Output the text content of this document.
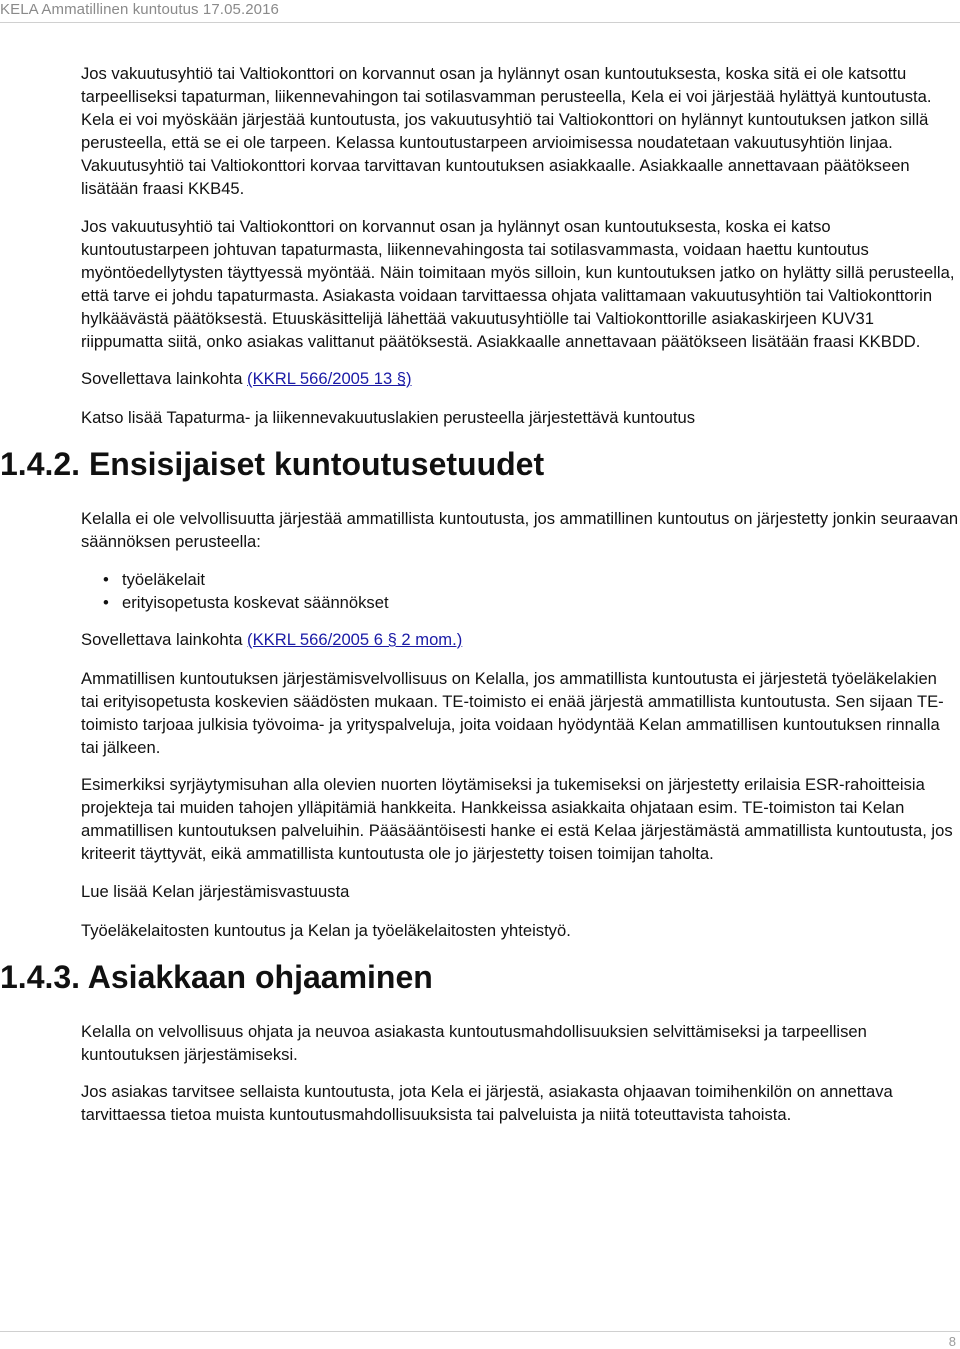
KELA Ammatillinen kuntoutus 17.05.2016

Jos vakuutusyhtiö tai Valtiokonttori on korvannut osan ja hylännyt osan kuntoutuksesta, koska sitä ei ole katsottu tarpeelliseksi tapaturman, liikennevahingon tai sotilasvamman perusteella, Kela ei voi järjestää hylättyä kuntoutusta. Kela ei voi myöskään järjestää kuntoutusta, jos vakuutusyhtiö tai Valtiokonttori on hylännyt kuntoutuksen jatkon sillä perusteella, että se ei ole tarpeen. Kelassa kuntoutustarpeen arvioimisessa noudatetaan vakuutusyhtiön linjaa. Vakuutusyhtiö tai Valtiokonttori korvaa tarvittavan kuntoutuksen asiakkaalle. Asiakkaalle annettavaan päätökseen lisätään fraasi KKB45.

Jos vakuutusyhtiö tai Valtiokonttori on korvannut osan ja hylännyt osan kuntoutuksesta, koska ei katso kuntoutustarpeen johtuvan tapaturmasta, liikennevahingosta tai sotilasvammasta, voidaan haettu kuntoutus myöntöedellytysten täyttyessä myöntää. Näin toimitaan myös silloin, kun kuntoutuksen jatko on hylätty sillä perusteella, että tarve ei johdu tapaturmasta. Asiakasta voidaan tarvittaessa ohjata valittamaan vakuutusyhtiön tai Valtiokonttorin hylkäävästä päätöksestä. Etuuskäsittelijä lähettää vakuutusyhtiölle tai Valtiokonttorille asiakaskirjeen KUV31 riippumatta siitä, onko asiakas valittanut päätöksestä. Asiakkaalle annettavaan päätökseen lisätään fraasi KKBDD.

Sovellettava lainkohta (KKRL 566/2005 13 §)

Katso lisää Tapaturma- ja liikennevakuutuslakien perusteella järjestettävä kuntoutus

1.4.2. Ensisijaiset kuntoutusetuudet

Kelalla ei ole velvollisuutta järjestää ammatillista kuntoutusta, jos ammatillinen kuntoutus on järjestetty jonkin seuraavan säännöksen perusteella:

• työeläkelait
• erityisopetusta koskevat säännökset

Sovellettava lainkohta (KKRL 566/2005 6 § 2 mom.)

Ammatillisen kuntoutuksen järjestämisvelvollisuus on Kelalla, jos ammatillista kuntoutusta ei järjestetä työeläkelakien tai erityisopetusta koskevien säädösten mukaan. TE-toimisto ei enää järjestä ammatillista kuntoutusta. Sen sijaan TE-toimisto tarjoaa julkisia työvoima- ja yrityspalveluja, joita voidaan hyödyntää Kelan ammatillisen kuntoutuksen rinnalla tai jälkeen.

Esimerkiksi syrjäytymisuhan alla olevien nuorten löytämiseksi ja tukemiseksi on järjestetty erilaisia ESR-rahoitteisia projekteja tai muiden tahojen ylläpitämiä hankkeita. Hankkeissa asiakkaita ohjataan esim. TE-toimiston tai Kelan ammatillisen kuntoutuksen palveluihin. Pääsääntöisesti hanke ei estä Kelaa järjestämästä ammatillista kuntoutusta, jos kriteerit täyttyvät, eikä ammatillista kuntoutusta ole jo järjestetty toisen toimijan taholta.

Lue lisää Kelan järjestämisvastuusta

Työeläkelaitosten kuntoutus ja Kelan ja työeläkelaitosten yhteistyö.

1.4.3. Asiakkaan ohjaaminen

Kelalla on velvollisuus ohjata ja neuvoa asiakasta kuntoutusmahdollisuuksien selvittämiseksi ja tarpeellisen kuntoutuksen järjestämiseksi.

Jos asiakas tarvitsee sellaista kuntoutusta, jota Kela ei järjestä, asiakasta ohjaavan toimihenkilön on annettava tarvittaessa tietoa muista kuntoutusmahdollisuuksista tai palveluista ja niitä toteuttavista tahoista.

8
